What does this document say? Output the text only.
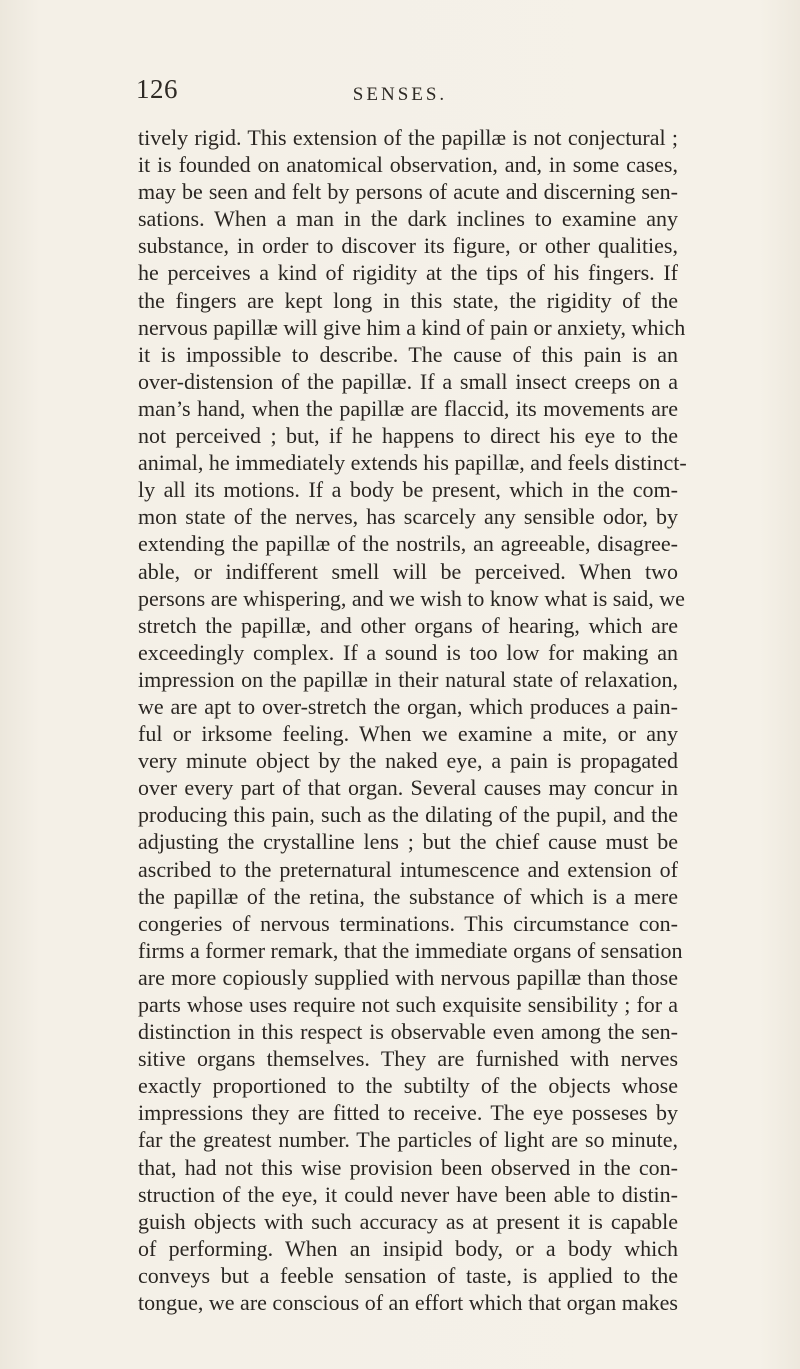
126	SENSES.
tively rigid. This extension of the papillæ is not conjectural ;
it is founded on anatomical observation, and, in some cases,
may be seen and felt by persons of acute and discerning sen-
sations. When a man in the dark inclines to examine any
substance, in order to discover its figure, or other qualities,
he perceives a kind of rigidity at the tips of his fingers. If
the fingers are kept long in this state, the rigidity of the
nervous papillæ will give him a kind of pain or anxiety, which
it is impossible to describe. The cause of this pain is an
over-distension of the papillæ. If a small insect creeps on a
man’s hand, when the papillæ are flaccid, its movements are
not perceived ; but, if he happens to direct his eye to the
animal, he immediately extends his papillæ, and feels distinct-
ly all its motions. If a body be present, which in the com-
mon state of the nerves, has scarcely any sensible odor, by
extending the papillæ of the nostrils, an agreeable, disagree-
able, or indifferent smell will be perceived. When two
persons are whispering, and we wish to know what is said, we
stretch the papillæ, and other organs of hearing, which are
exceedingly complex. If a sound is too low for making an
impression on the papillæ in their natural state of relaxation,
we are apt to over-stretch the organ, which produces a pain-
ful or irksome feeling. When we examine a mite, or any
very minute object by the naked eye, a pain is propagated
over every part of that organ. Several causes may concur in
producing this pain, such as the dilating of the pupil, and the
adjusting the crystalline lens ; but the chief cause must be
ascribed to the preternatural intumescence and extension of
the papillæ of the retina, the substance of which is a mere
congeries of nervous terminations. This circumstance con-
firms a former remark, that the immediate organs of sensation
are more copiously supplied with nervous papillæ than those
parts whose uses require not such exquisite sensibility ; for a
distinction in this respect is observable even among the sen-
sitive organs themselves. They are furnished with nerves
exactly proportioned to the subtilty of the objects whose
impressions they are fitted to receive. The eye posseses by
far the greatest number. The particles of light are so minute,
that, had not this wise provision been observed in the con-
struction of the eye, it could never have been able to distin-
guish objects with such accuracy as at present it is capable
of performing. When an insipid body, or a body which
conveys but a feeble sensation of taste, is applied to the
tongue, we are conscious of an effort which that organ makes
